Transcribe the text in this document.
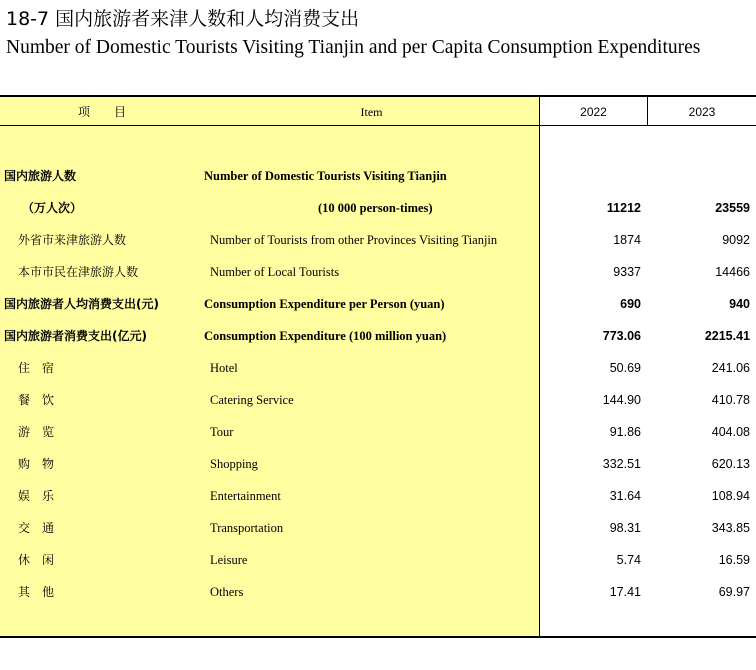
18-7 国内旅游者来津人数和人均消费支出
Number of Domestic Tourists Visiting Tianjin and per Capita Consumption Expenditures
项　　目	Item	2022	2023
国内旅游人数	Number of Domestic Tourists Visiting Tianjin
（万人次）	(10 000 person-times)	11212	23559
外省市来津旅游人数	Number of Tourists from other Provinces Visiting Tianjin	1874	9092
本市市民在津旅游人数	Number of Local Tourists	9337	14466
国内旅游者人均消费支出(元)	Consumption Expenditure per Person (yuan)	690	940
国内旅游者消费支出(亿元)	Consumption Expenditure (100 million yuan)	773.06	2215.41
住　宿	Hotel	50.69	241.06
餐　饮	Catering Service	144.90	410.78
游　览	Tour	91.86	404.08
购　物	Shopping	332.51	620.13
娱　乐	Entertainment	31.64	108.94
交　通	Transportation	98.31	343.85
休　闲	Leisure	5.74	16.59
其　他	Others	17.41	69.97
